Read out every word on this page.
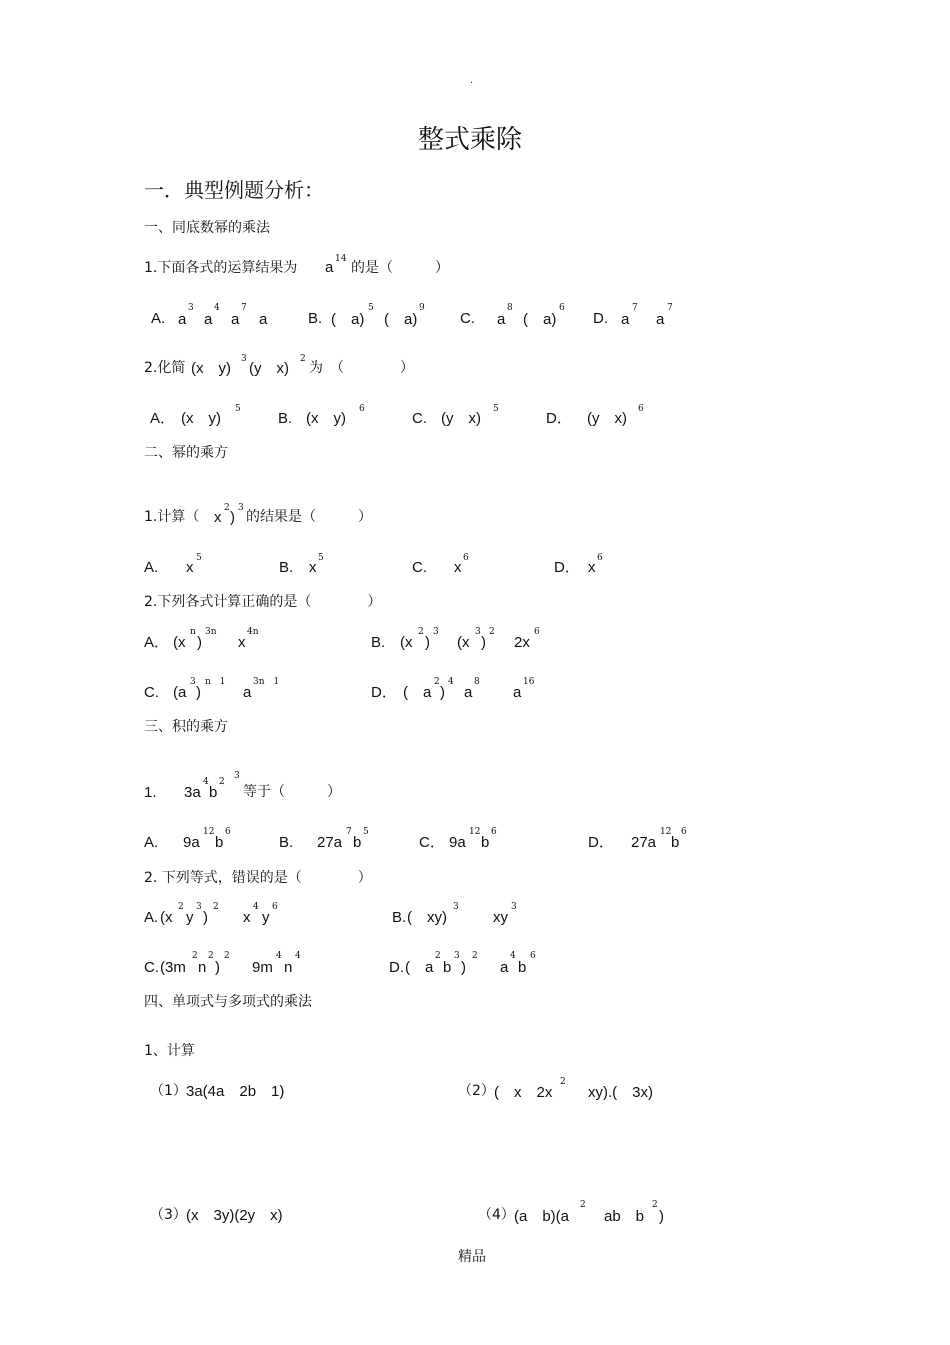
.
整式乘除
一．典型例题分析：
一、同底数幂的乘法
1.下面各式的运算结果为 a 14
的是（　　　）
A. a
3
a
4
a
7
a	B. (　a)
5
(　a)
9
C. a
8
(　a)
6
D. a
7
a
7
2.化简 (x　y)
3
(y　x)
2
为　（　　　　）
A． (x　y)
5
B. (x　y)
6
C. (y　x)
5
D． (y　x)
6
二、幂的乘方
1.计算（ x
2
)
3
的结果是（　　　）
A. x
5
B. x
5
C. x
6
D． x
6
2.下列各式计算正确的是（　　　　）
A． (x
n
)
3n
x
4n
B. (x
2
)
3
(x
3
)
2
2x
6
C. (a
3
)
n　1
a
3n　1
D． (　a
2
)
4
a
8
a
16
三、积的乘方
1. 3a
4
b
2
3
等于（　　　）
A. 9a
12
b
6
B. 27a
7
b
5
C． 9a
12
b
6
D． 27a
12
b
6
2. 下列等式，错误的是（　　　　）
A. (x
2
y
3
)
2
x
4
y
6
B. (　xy)
3
xy
3
C. (3m
2
n
2
)
2
9m
4
n
4
D. (　a
2
b
3
)
2
a
4
b
6
四、单项式与多项式的乘法
1、计算
（1） 3a(4a　2b　1)	（2） (　x　2x
2
xy).(　3x)
（3） (x　3y)(2y　x)	（4） (a　b)(a
2
ab　b
2
)
精品
